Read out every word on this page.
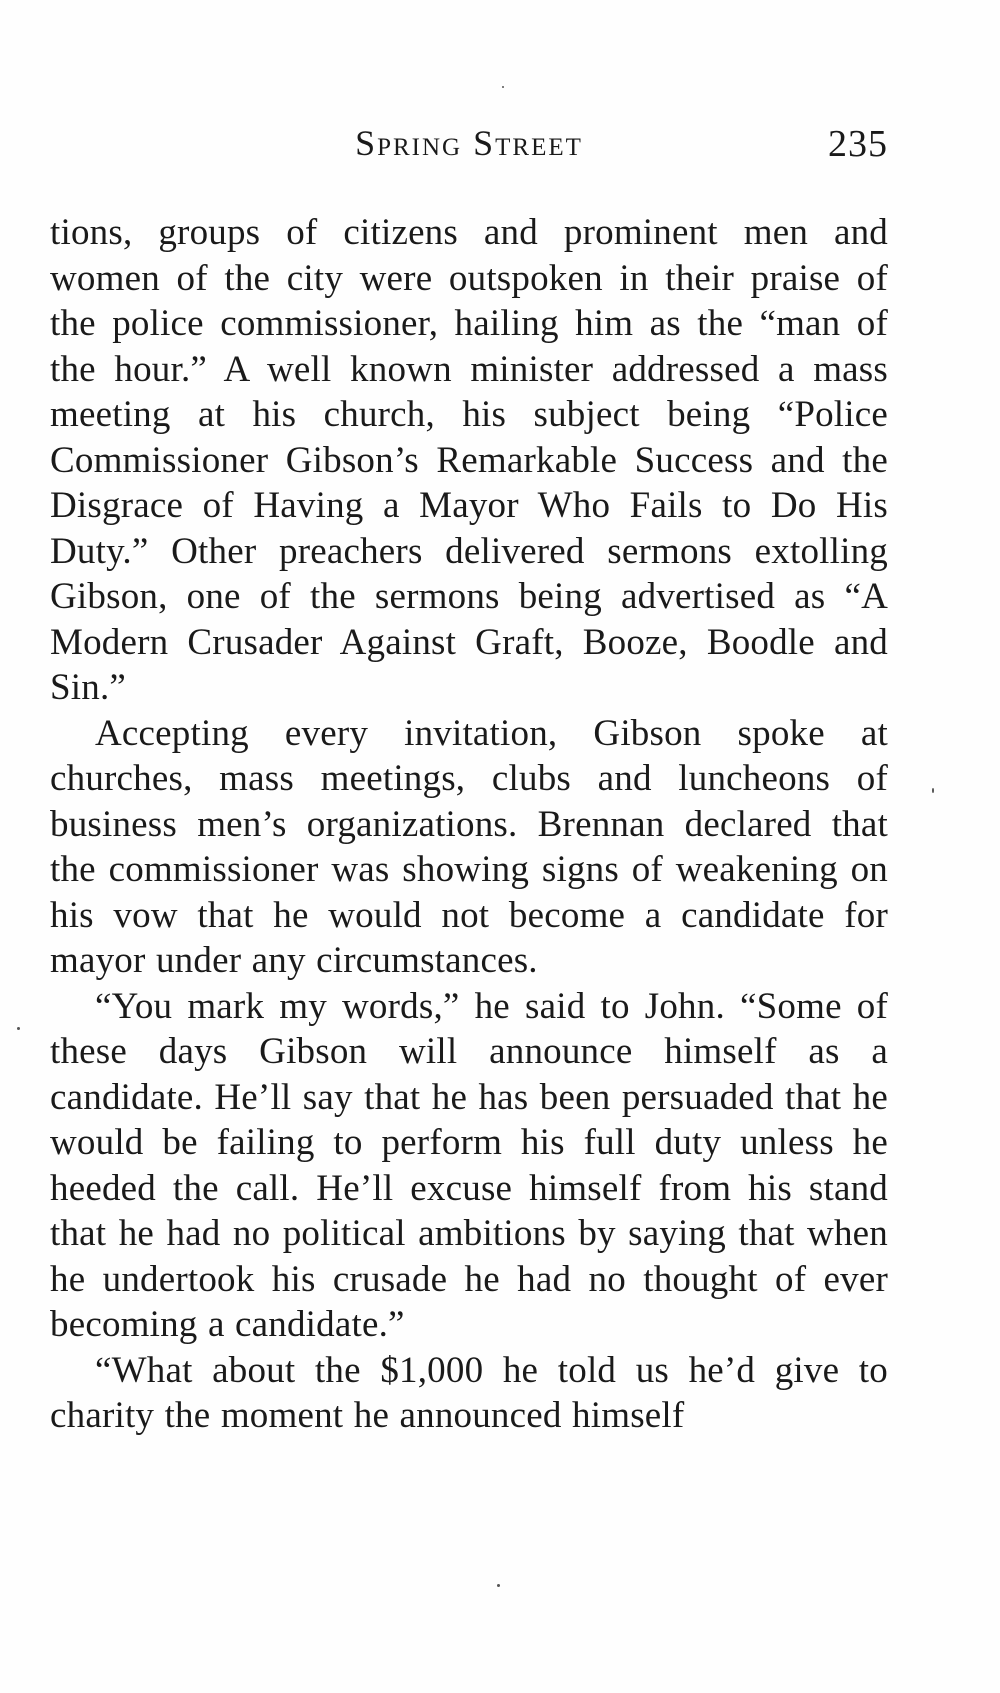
Spring Street	235

tions, groups of citizens and prominent men and women of the city were outspoken in their praise of the police commissioner, hailing him as the “man of the hour.” A well known minister addressed a mass meeting at his church, his subject being “Police Commissioner Gibson’s Remarkable Success and the Disgrace of Having a Mayor Who Fails to Do His Duty.” Other preachers delivered sermons extolling Gibson, one of the sermons being advertised as “A Modern Crusader Against Graft, Booze, Boodle and Sin.”

Accepting every invitation, Gibson spoke at churches, mass meetings, clubs and luncheons of business men’s organizations. Brennan declared that the commissioner was showing signs of weakening on his vow that he would not become a candidate for mayor under any circumstances.

“You mark my words,” he said to John. “Some of these days Gibson will announce himself as a candidate. He’ll say that he has been persuaded that he would be failing to perform his full duty unless he heeded the call. He’ll excuse himself from his stand that he had no political ambitions by saying that when he undertook his crusade he had no thought of ever becoming a candidate.”

“What about the $1,000 he told us he’d give to charity the moment he announced himself
